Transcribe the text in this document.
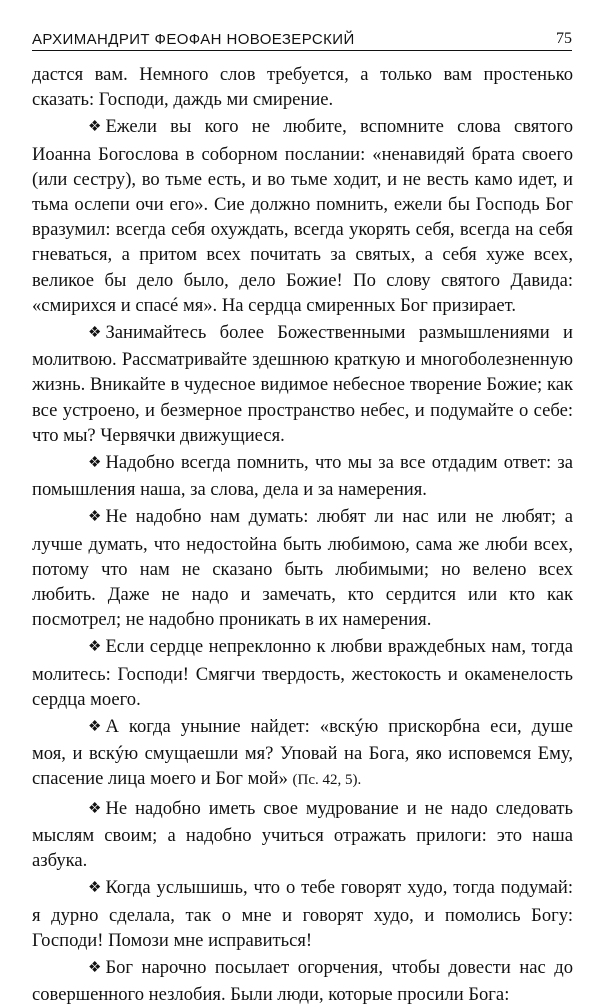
АРХИМАНДРИТ ФЕОФАН НОВОЕЗЕРСКИЙ	75

дастся вам. Немного слов требуется, а только вам простенько сказать: Господи, даждь ми смирение.

❖ Ежели вы кого не любите, вспомните слова святого Иоанна Богослова в соборном послании: «ненавидяй брата своего (или сестру), во тьме есть, и во тьме ходит, и не весть камо идет, и тьма ослепи очи его». Сие должно помнить, ежели бы Господь Бог вразумил: всегда себя охуждать, всегда укорять себя, всегда на себя гневаться, а притом всех почитать за святых, а себя хуже всех, великое бы дело было, дело Божие! По слову святого Давида: «смирихся и спасé мя». На сердца смиренных Бог призирает.

❖ Занимайтесь более Божественными размышлениями и молитвою. Рассматривайте здешнюю краткую и многоболезненную жизнь. Вникайте в чудесное видимое небесное творение Божие; как все устроено, и безмерное пространство небес, и подумайте о себе: что мы? Червячки движущиеся.

❖ Надобно всегда помнить, что мы за все отдадим ответ: за помышления наша, за слова, дела и за намерения.

❖ Не надобно нам думать: любят ли нас или не любят; а лучше думать, что недостойна быть любимою, сама же люби всех, потому что нам не сказано быть любимыми; но велено всех любить. Даже не надо и замечать, кто сердится или кто как посмотрел; не надобно проникать в их намерения.

❖ Если сердце непреклонно к любви враждебных нам, тогда молитесь: Господи! Смягчи твердость, жестокость и окаменелость сердца моего.

❖ А когда уныние найдет: «вскýю прискорбна еси, душе моя, и вскýю смущаешли мя? Уповай на Бога, яко исповемся Ему, спасение лица моего и Бог мой» (Пс. 42, 5).

❖ Не надобно иметь свое мудрование и не надо следовать мыслям своим; а надобно учиться отражать прилоги: это наша азбука.

❖ Когда услышишь, что о тебе говорят худо, тогда подумай: я дурно сделала, так о мне и говорят худо, и помолись Богу: Господи! Помози мне исправиться!

❖ Бог нарочно посылает огорчения, чтобы довести нас до совершенного незлобия. Были люди, которые просили Бога:
